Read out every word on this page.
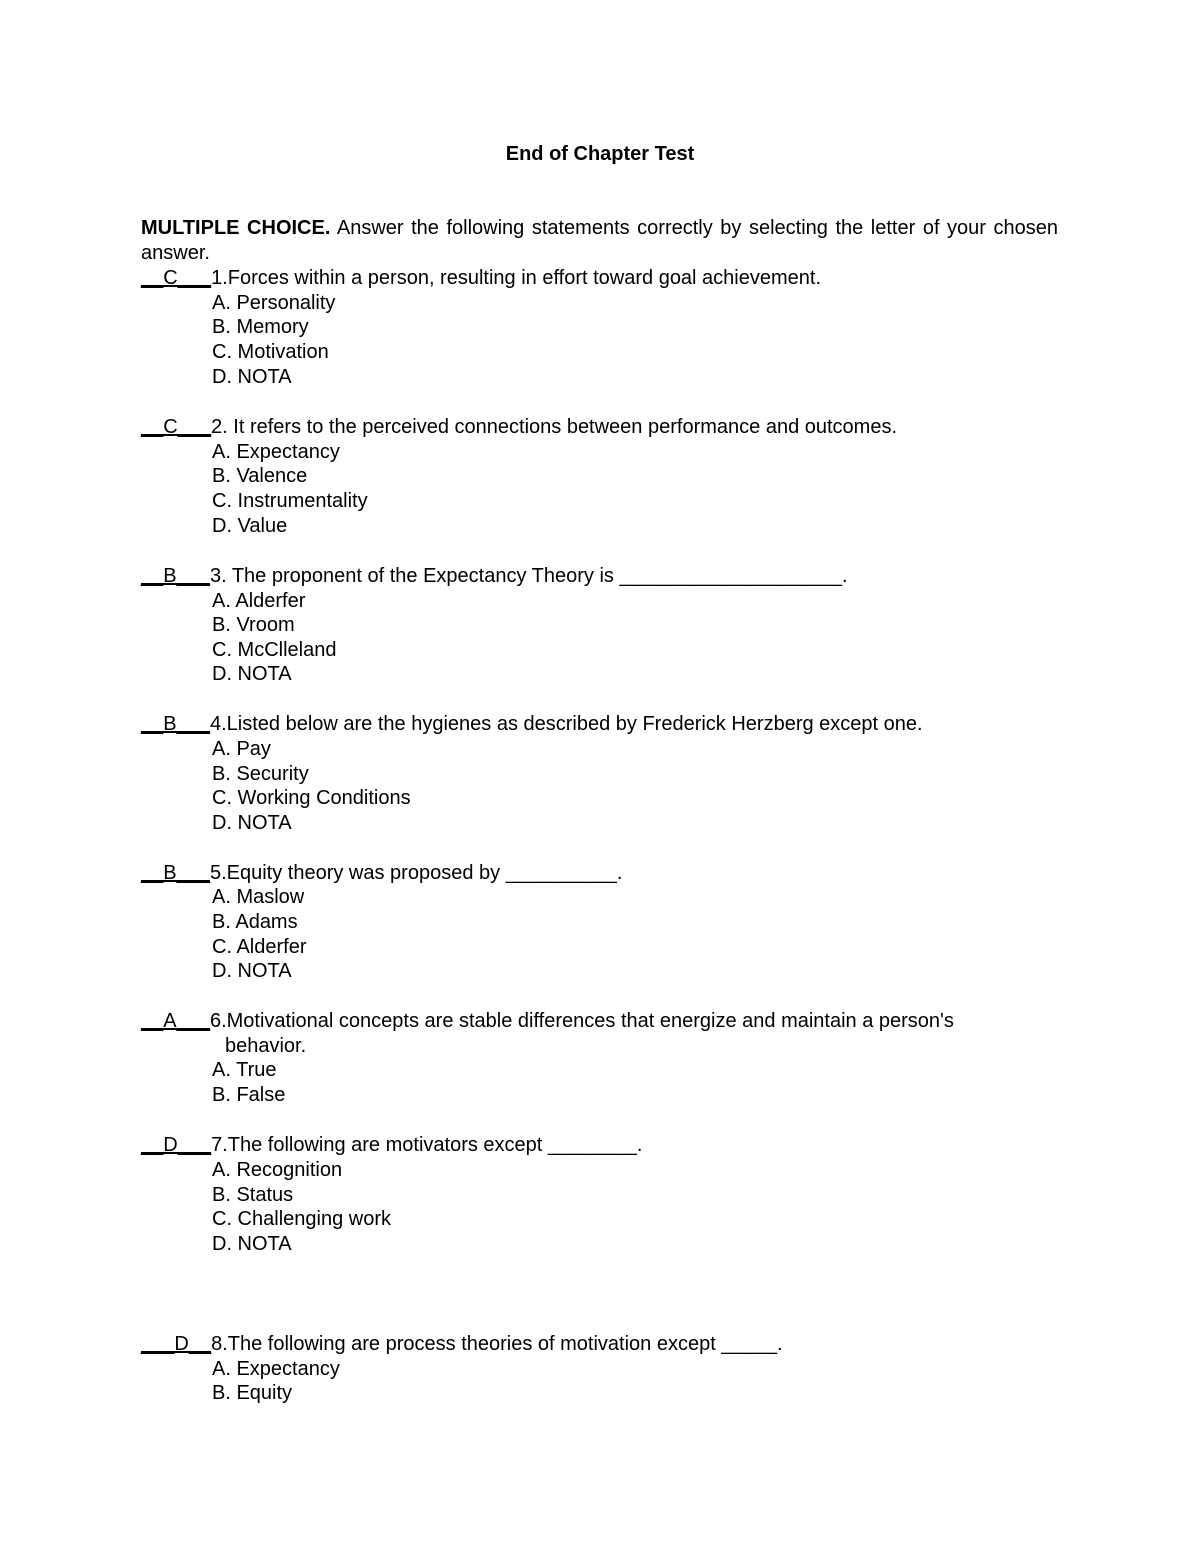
End of Chapter Test
MULTIPLE CHOICE. Answer the following statements correctly by selecting the letter of your chosen answer.
__C___1.Forces within a person, resulting in effort toward goal achievement.
A. Personality
B. Memory
C. Motivation
D. NOTA
__C___2. It refers to the perceived connections between performance and outcomes.
A. Expectancy
B. Valence
C. Instrumentality
D. Value
__B___3. The proponent of the Expectancy Theory is ____________________.
A. Alderfer
B. Vroom
C. McClleland
D. NOTA
__B___4.Listed below are the hygienes as described by Frederick Herzberg except one.
A. Pay
B. Security
C. Working Conditions
D. NOTA
__B___5.Equity theory was proposed by __________.
A. Maslow
B. Adams
C. Alderfer
D. NOTA
__A___6.Motivational concepts are stable differences that energize and maintain a person's
behavior.
A. True
B. False
__D___7.The following are motivators except ________.
A. Recognition
B. Status
C. Challenging work
D. NOTA
___D__8.The following are process theories of motivation except _____.
A. Expectancy
B. Equity
